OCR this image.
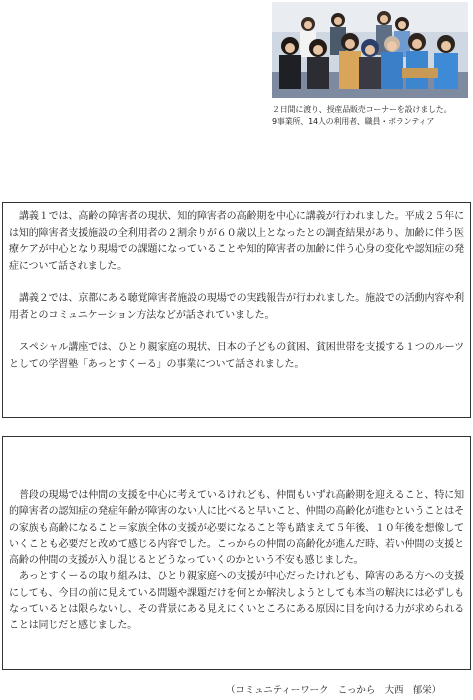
２日間に渡り、授産品販売コーナーを設けました。
9事業所、14人の利用者、職員・ボランティア

講義１では、高齢の障害者の現状、知的障害者の高齢期を中心に講義が行われました。平成２５年には知的障害者支援施設の全利用者の２割余りが６０歳以上となったとの調査結果があり、加齢に伴う医療ケアが中心となり現場での課題になっていることや知的障害者の加齢に伴う心身の変化や認知症の発症について話されました。

講義２では、京都にある聴覚障害者施設の現場での実践報告が行われました。施設での活動内容や利用者とのコミュニケーション方法などが話されていました。

スペシャル講座では、ひとり親家庭の現状、日本の子どもの貧困、貧困世帯を支援する１つのルーツとしての学習塾「あっとすくーる」の事業について話されました。

普段の現場では仲間の支援を中心に考えているけれども、仲間もいずれ高齢期を迎えること、特に知的障害者の認知症の発症年齢が障害のない人に比べると早いこと、仲間の高齢化が進むということはその家族も高齢になること＝家族全体の支援が必要になること等も踏まえて５年後、１０年後を想像していくことも必要だと改めて感じる内容でした。こっからの仲間の高齢化が進んだ時、若い仲間の支援と高齢の仲間の支援が入り混じるとどうなっていくのかという不安も感じました。

あっとすくーるの取り組みは、ひとり親家庭への支援が中心だったけれども、障害のある方への支援にしても、今目の前に見えている問題や課題だけを何とか解決しようとしても本当の解決には必ずしもなっているとは限らないし、その背景にある見えにくいところにある原因に目を向ける力が求められることは同じだと感じました。

（コミュニティーワーク　こっから　大西　郁栄）
